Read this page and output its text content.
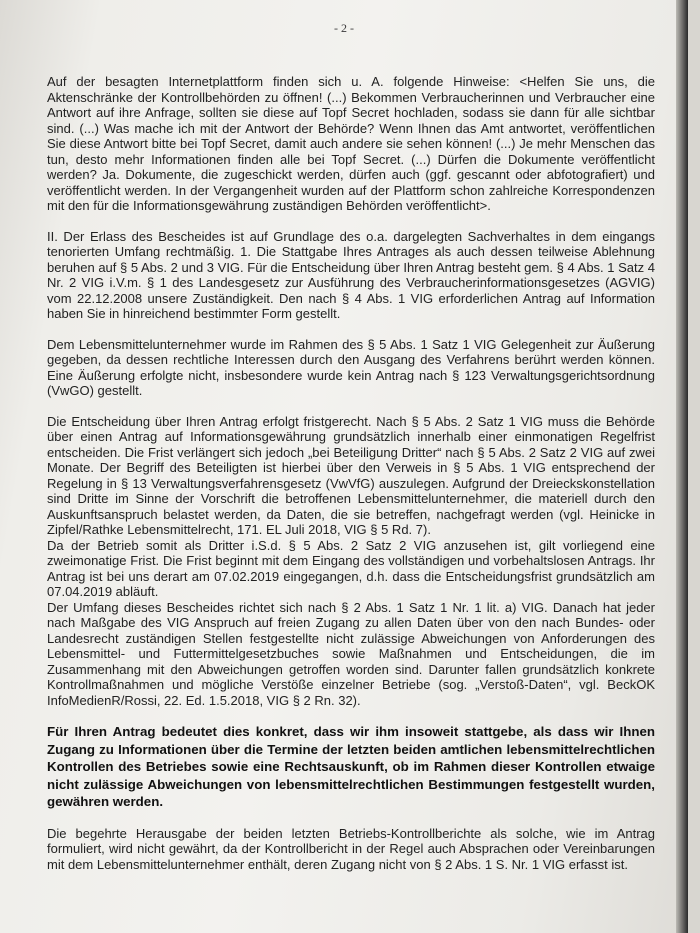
- 2 -

Auf der besagten Internetplattform finden sich u. A. folgende Hinweise: <Helfen Sie uns, die Aktenschränke der Kontrollbehörden zu öffnen! (...) Bekommen Verbraucherinnen und Verbraucher eine Antwort auf ihre Anfrage, sollten sie diese auf Topf Secret hochladen, sodass sie dann für alle sichtbar sind. (...) Was mache ich mit der Antwort der Behörde? Wenn Ihnen das Amt antwortet, veröffentlichen Sie diese Antwort bitte bei Topf Secret, damit auch andere sie sehen können! (...) Je mehr Menschen das tun, desto mehr Informationen finden alle bei Topf Secret. (...) Dürfen die Dokumente veröffentlicht werden? Ja. Dokumente, die zugeschickt werden, dürfen auch (ggf. gescannt oder abfotografiert) und veröffentlicht werden. In der Vergangenheit wurden auf der Plattform schon zahlreiche Korrespondenzen mit den für die Informationsgewährung zuständigen Behörden veröffentlicht>.

II. Der Erlass des Bescheides ist auf Grundlage des o.a. dargelegten Sachverhaltes in dem eingangs tenorierten Umfang rechtmäßig. 1. Die Stattgabe Ihres Antrages als auch dessen teilweise Ablehnung beruhen auf § 5 Abs. 2 und 3 VIG. Für die Entscheidung über Ihren Antrag besteht gem. § 4 Abs. 1 Satz 4 Nr. 2 VIG i.V.m. § 1 des Landesgesetz zur Ausführung des Verbraucherinformationsgesetzes (AGVIG) vom 22.12.2008 unsere Zuständigkeit. Den nach § 4 Abs. 1 VIG erforderlichen Antrag auf Information haben Sie in hinreichend bestimmter Form gestellt.

Dem Lebensmittelunternehmer wurde im Rahmen des § 5 Abs. 1 Satz 1 VIG Gelegenheit zur Äußerung gegeben, da dessen rechtliche Interessen durch den Ausgang des Verfahrens berührt werden können. Eine Äußerung erfolgte nicht, insbesondere wurde kein Antrag nach § 123 Verwaltungsgerichtsordnung (VwGO) gestellt.

Die Entscheidung über Ihren Antrag erfolgt fristgerecht. Nach § 5 Abs. 2 Satz 1 VIG muss die Behörde über einen Antrag auf Informationsgewährung grundsätzlich innerhalb einer einmonatigen Regelfrist entscheiden. Die Frist verlängert sich jedoch „bei Beteiligung Dritter“ nach § 5 Abs. 2 Satz 2 VIG auf zwei Monate. Der Begriff des Beteiligten ist hierbei über den Verweis in § 5 Abs. 1 VIG entsprechend der Regelung in § 13 Verwaltungsverfahrensgesetz (VwVfG) auszulegen. Aufgrund der Dreieckskonstellation sind Dritte im Sinne der Vorschrift die betroffenen Lebensmittelunternehmer, die materiell durch den Auskunftsanspruch belastet werden, da Daten, die sie betreffen, nachgefragt werden (vgl. Heinicke in Zipfel/Rathke Lebensmittelrecht, 171. EL Juli 2018, VIG § 5 Rd. 7).

Da der Betrieb somit als Dritter i.S.d. § 5 Abs. 2 Satz 2 VIG anzusehen ist, gilt vorliegend eine zweimonatige Frist. Die Frist beginnt mit dem Eingang des vollständigen und vorbehaltslosen Antrags. Ihr Antrag ist bei uns derart am 07.02.2019 eingegangen, d.h. dass die Entscheidungsfrist grundsätzlich am 07.04.2019 abläuft.

Der Umfang dieses Bescheides richtet sich nach § 2 Abs. 1 Satz 1 Nr. 1 lit. a) VIG. Danach hat jeder nach Maßgabe des VIG Anspruch auf freien Zugang zu allen Daten über von den nach Bundes- oder Landesrecht zuständigen Stellen festgestellte nicht zulässige Abweichungen von Anforderungen des Lebensmittel- und Futtermittelgesetzbuches sowie Maßnahmen und Entscheidungen, die im Zusammenhang mit den Abweichungen getroffen worden sind. Darunter fallen grundsätzlich konkrete Kontrollmaßnahmen und mögliche Verstöße einzelner Betriebe (sog. „Verstoß-Daten“, vgl. BeckOK InfoMedienR/Rossi, 22. Ed. 1.5.2018, VIG § 2 Rn. 32).

Für Ihren Antrag bedeutet dies konkret, dass wir ihm insoweit stattgebe, als dass wir Ihnen Zugang zu Informationen über die Termine der letzten beiden amtlichen lebensmittelrechtlichen Kontrollen des Betriebes sowie eine Rechtsauskunft, ob im Rahmen dieser Kontrollen etwaige nicht zulässige Abweichungen von lebensmittelrechtlichen Bestimmungen festgestellt wurden, gewähren werden.

Die begehrte Herausgabe der beiden letzten Betriebs-Kontrollberichte als solche, wie im Antrag formuliert, wird nicht gewährt, da der Kontrollbericht in der Regel auch Absprachen oder Vereinbarungen mit dem Lebensmittelunternehmer enthält, deren Zugang nicht von § 2 Abs. 1 S. Nr. 1 VIG erfasst ist.
